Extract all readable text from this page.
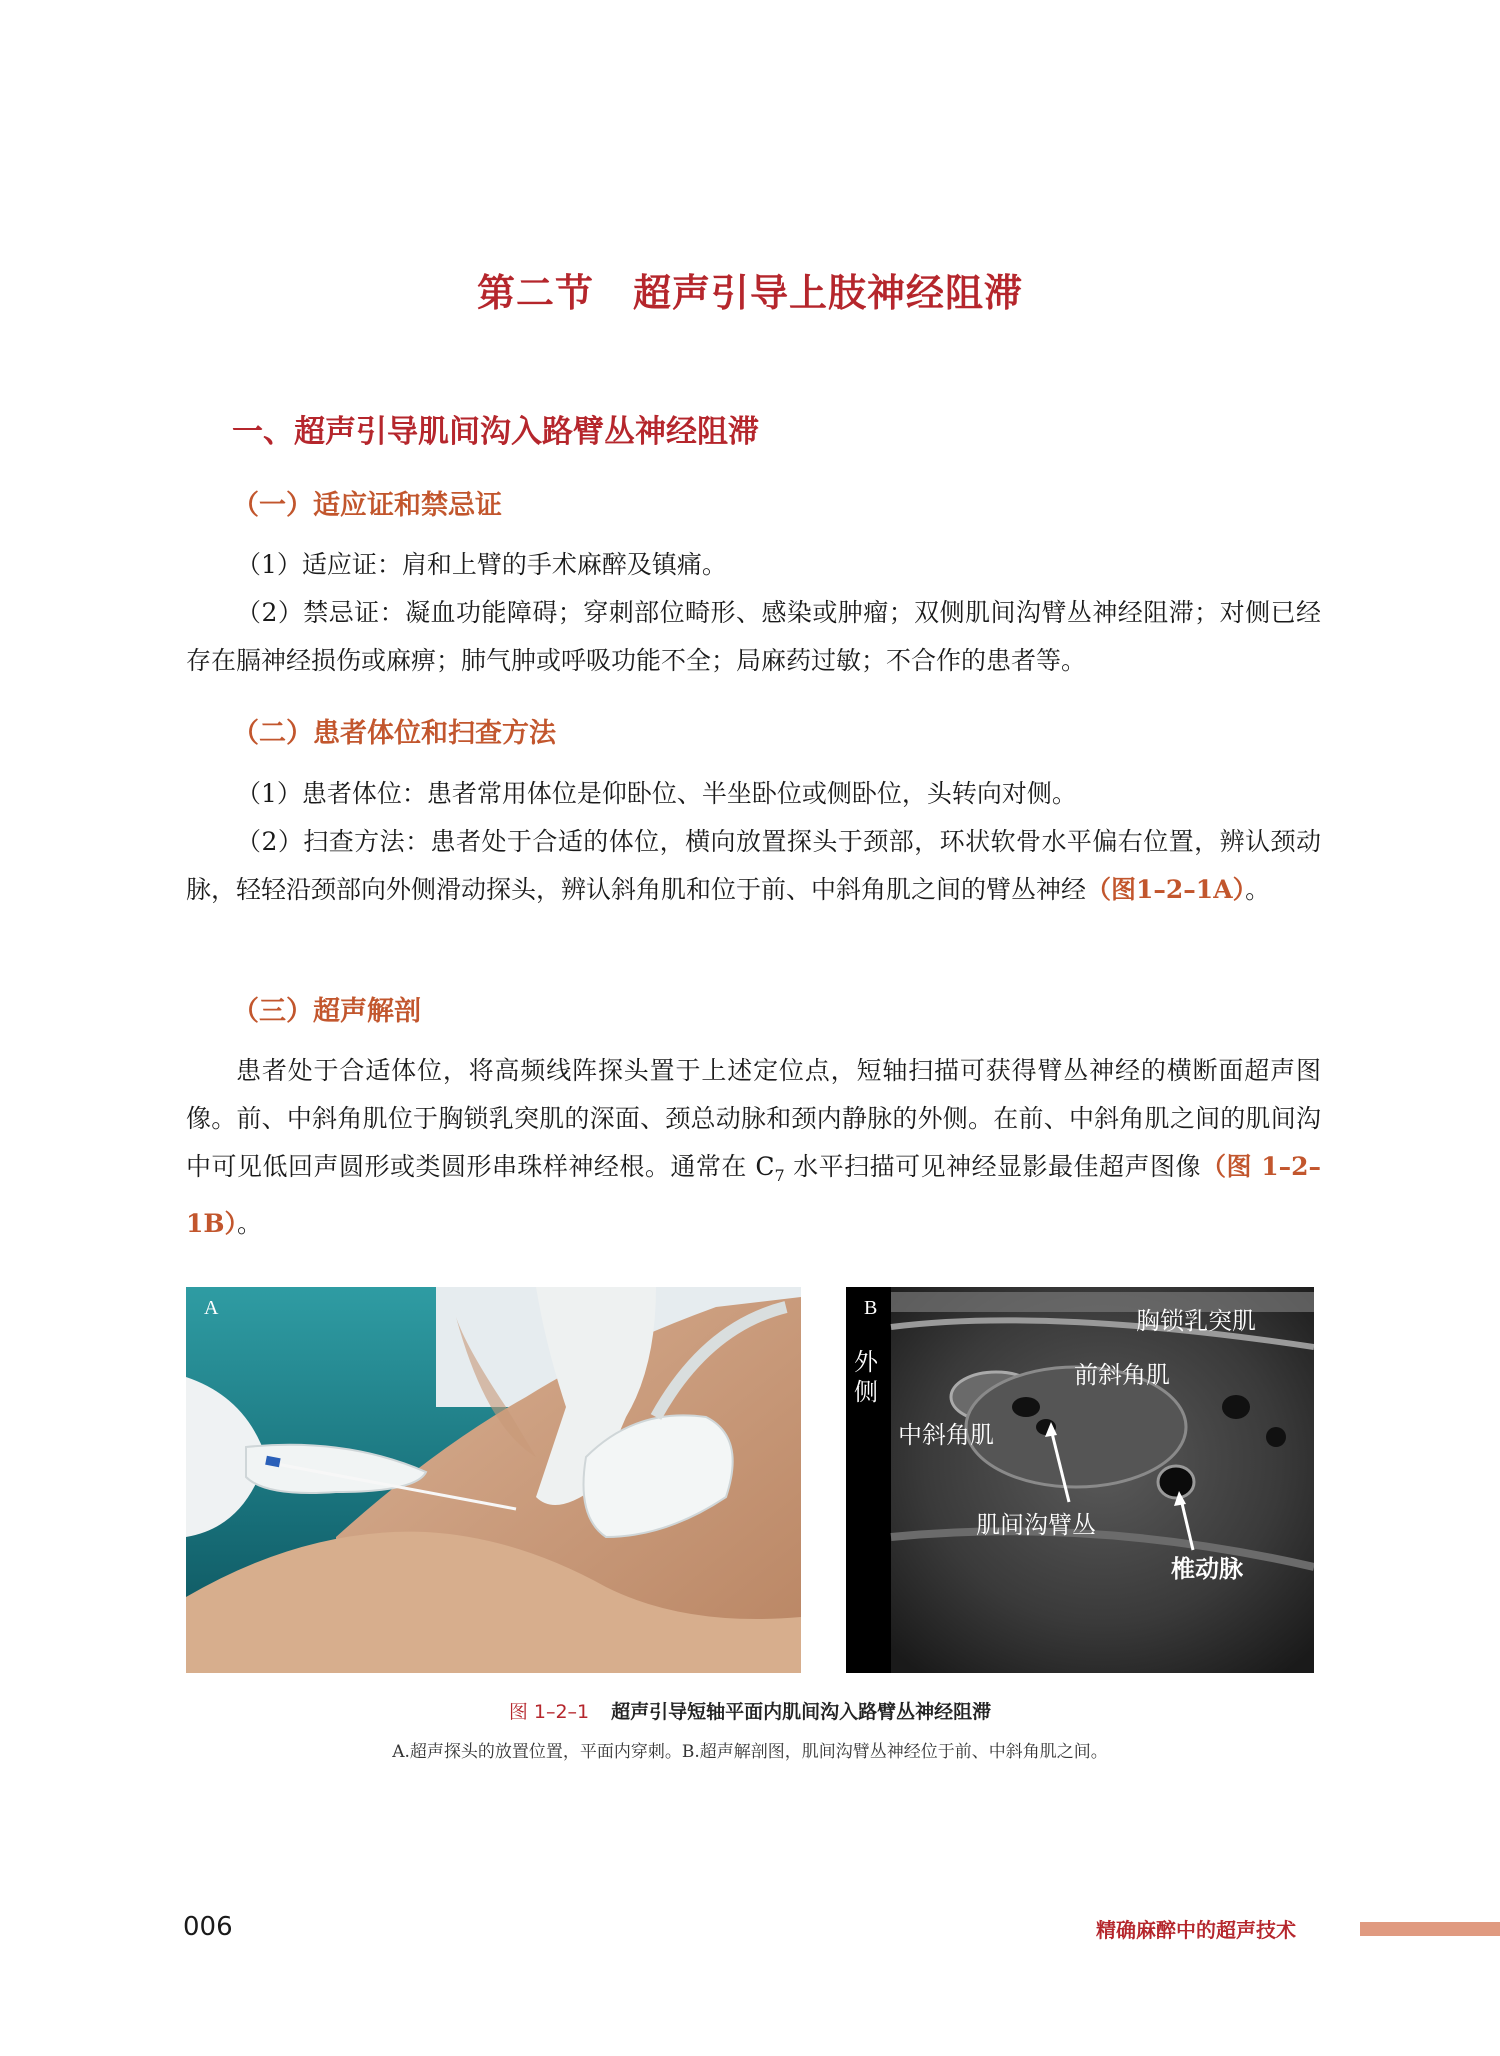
第二节　超声引导上肢神经阻滞
一、超声引导肌间沟入路臂丛神经阻滞
（一）适应证和禁忌证

（1）适应证：肩和上臂的手术麻醉及镇痛。

（2）禁忌证：凝血功能障碍；穿刺部位畸形、感染或肿瘤；双侧肌间沟臂丛神经阻滞；对侧已经存在膈神经损伤或麻痹；肺气肿或呼吸功能不全；局麻药过敏；不合作的患者等。

（二）患者体位和扫查方法

（1）患者体位：患者常用体位是仰卧位、半坐卧位或侧卧位，头转向对侧。

（2）扫查方法：患者处于合适的体位，横向放置探头于颈部，环状软骨水平偏右位置，辨认颈动脉，轻轻沿颈部向外侧滑动探头，辨认斜角肌和位于前、中斜角肌之间的臂丛神经（图1–2–1A）。

（三）超声解剖

患者处于合适体位，将高频线阵探头置于上述定位点，短轴扫描可获得臂丛神经的横断面超声图像。前、中斜角肌位于胸锁乳突肌的深面、颈总动脉和颈内静脉的外侧。在前、中斜角肌之间的肌间沟中可见低回声圆形或类圆形串珠样神经根。通常在 $C_7$ 水平扫描可见神经显影最佳超声图像（图 1–2–1B）。

A	B	胸锁乳突肌
前斜角肌
外侧
中斜角肌
肌间沟臂丛
椎动脉
图 1–2–1 超声引导短轴平面内肌间沟入路臂丛神经阻滞
A.超声探头的放置位置，平面内穿刺。B.超声解剖图，肌间沟臂丛神经位于前、中斜角肌之间。
006	精确麻醉中的超声技术
